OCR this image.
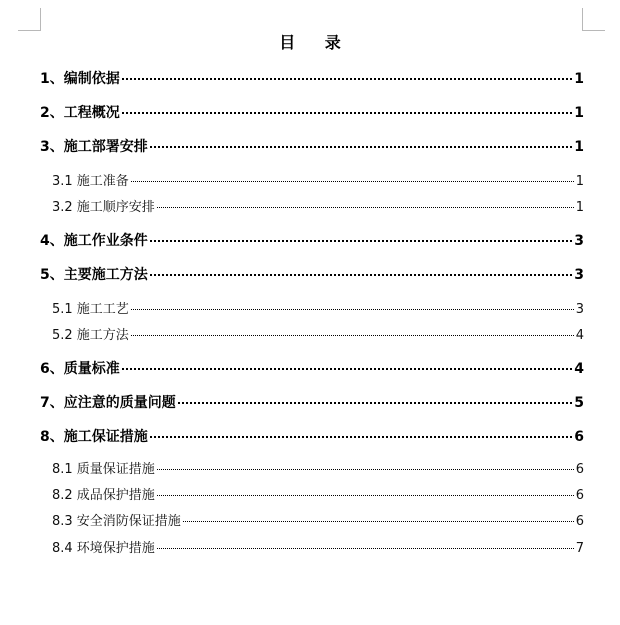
目 录
1、编制依据	1
2、工程概况	1
3、施工部署安排	1
3.1 施工准备	1
3.2 施工顺序安排	1
4、施工作业条件	3
5、主要施工方法	3
5.1 施工工艺	3
5.2 施工方法	4
6、质量标准	4
7、应注意的质量问题	5
8、施工保证措施	6
8.1 质量保证措施	6
8.2 成品保护措施	6
8.3 安全消防保证措施	6
8.4 环境保护措施	7
